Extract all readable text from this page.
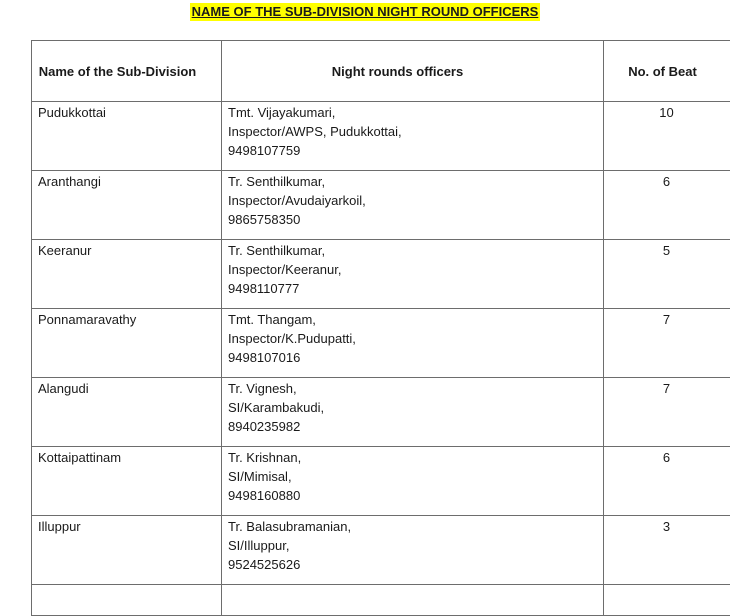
NAME OF THE SUB-DIVISION NIGHT ROUND OFFICERS
Name of the Sub-Division	Night rounds officers	No. of Beat

Pudukkottai	Tmt. Vijayakumari,
Inspector/AWPS, Pudukkottai,
9498107759	10

Aranthangi	Tr. Senthilkumar,
Inspector/Avudaiyarkoil,
9865758350	6

Keeranur	Tr. Senthilkumar,
Inspector/Keeranur,
9498110777	5

Ponnamaravathy	Tmt. Thangam,
Inspector/K.Pudupatti,
9498107016	7

Alangudi	Tr. Vignesh,
SI/Karambakudi,
8940235982	7

Kottaipattinam	Tr. Krishnan,
SI/Mimisal,
9498160880	6

Illuppur	Tr. Balasubramanian,
SI/Illuppur,
9524525626	3
